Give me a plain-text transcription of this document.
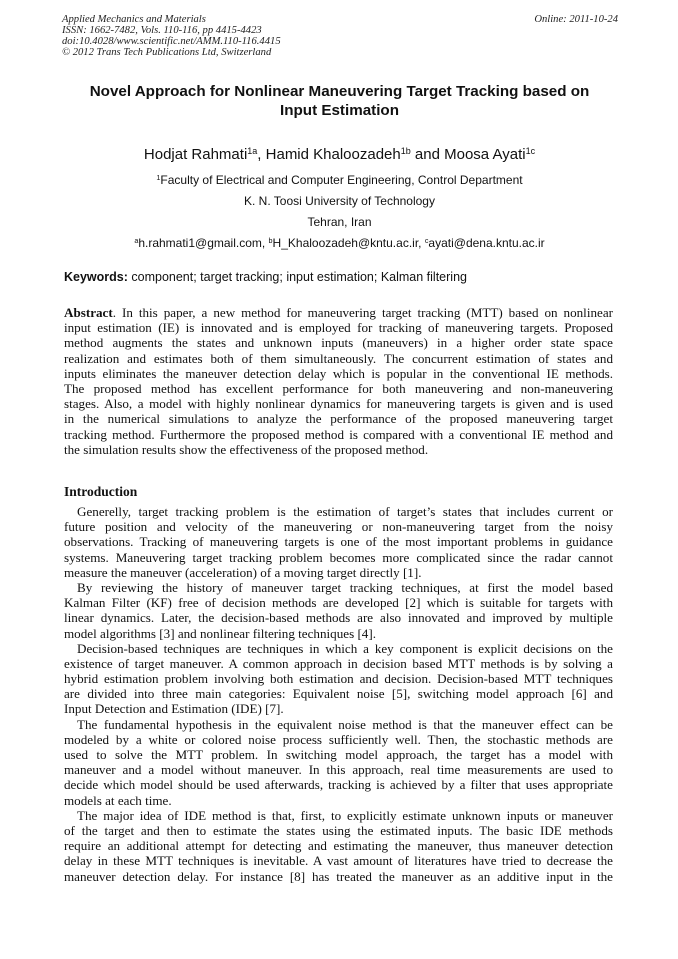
Applied Mechanics and Materials
ISSN: 1662-7482, Vols. 110-116, pp 4415-4423
doi:10.4028/www.scientific.net/AMM.110-116.4415
© 2012 Trans Tech Publications Ltd, Switzerland
Online: 2011-10-24
Novel Approach for Nonlinear Maneuvering Target Tracking based on
Input Estimation
Hodjat Rahmati$^{1a}$, Hamid Khaloozadeh$^{1b}$ and Moosa Ayati$^{1c}$
$^1$Faculty of Electrical and Computer Engineering, Control Department
K. N. Toosi University of Technology
Tehran, Iran
$^a$h.rahmati1@gmail.com, $^b$H_Khaloozadeh@kntu.ac.ir, $^c$ayati@dena.kntu.ac.ir
Keywords: component; target tracking; input estimation; Kalman filtering
Abstract. In this paper, a new method for maneuvering target tracking (MTT) based on nonlinear
input estimation (IE) is innovated and is employed for tracking of maneuvering targets. Proposed
method augments the states and unknown inputs (maneuvers) in a higher order state space
realization and estimates both of them simultaneously. The concurrent estimation of states and
inputs eliminates the maneuver detection delay which is popular in the conventional IE methods.
The proposed method has excellent performance for both maneuvering and non-maneuvering
stages. Also, a model with highly nonlinear dynamics for maneuvering targets is given and is used
in the numerical simulations to analyze the performance of the proposed maneuvering target
tracking method. Furthermore the proposed method is compared with a conventional IE method and
the simulation results show the effectiveness of the proposed method.
Introduction
Generelly, target tracking problem is the estimation of target’s states that includes current or
future position and velocity of the maneuvering or non-maneuvering target from the noisy
observations. Tracking of maneuvering targets is one of the most important problems in guidance
systems. Maneuvering target tracking problem becomes more complicated since the radar cannot
measure the maneuver (acceleration) of a moving target directly [1].
By reviewing the history of maneuver target tracking techniques, at first the model based
Kalman Filter (KF) free of decision methods are developed [2] which is suitable for targets with
linear dynamics. Later, the decision-based methods are also innovated and improved by multiple
model algorithms [3] and nonlinear filtering techniques [4].
Decision-based techniques are techniques in which a key component is explicit decisions on the
existence of target maneuver. A common approach in decision based MTT methods is by solving a
hybrid estimation problem involving both estimation and decision. Decision-based MTT techniques
are divided into three main categories: Equivalent noise [5], switching model approach [6] and
Input Detection and Estimation (IDE) [7].
The fundamental hypothesis in the equivalent noise method is that the maneuver effect can be
modeled by a white or colored noise process sufficiently well. Then, the stochastic methods are
used to solve the MTT problem. In switching model approach, the target has a model with
maneuver and a model without maneuver. In this approach, real time measurements are used to
decide which model should be used afterwards, tracking is achieved by a filter that uses appropriate
models at each time.
The major idea of IDE method is that, first, to explicitly estimate unknown inputs or maneuver
of the target and then to estimate the states using the estimated inputs. The basic IDE methods
require an additional attempt for detecting and estimating the maneuver, thus maneuver detection
delay in these MTT techniques is inevitable. A vast amount of literatures have tried to decrease the
maneuver detection delay. For instance [8] has treated the maneuver as an additive input in the
